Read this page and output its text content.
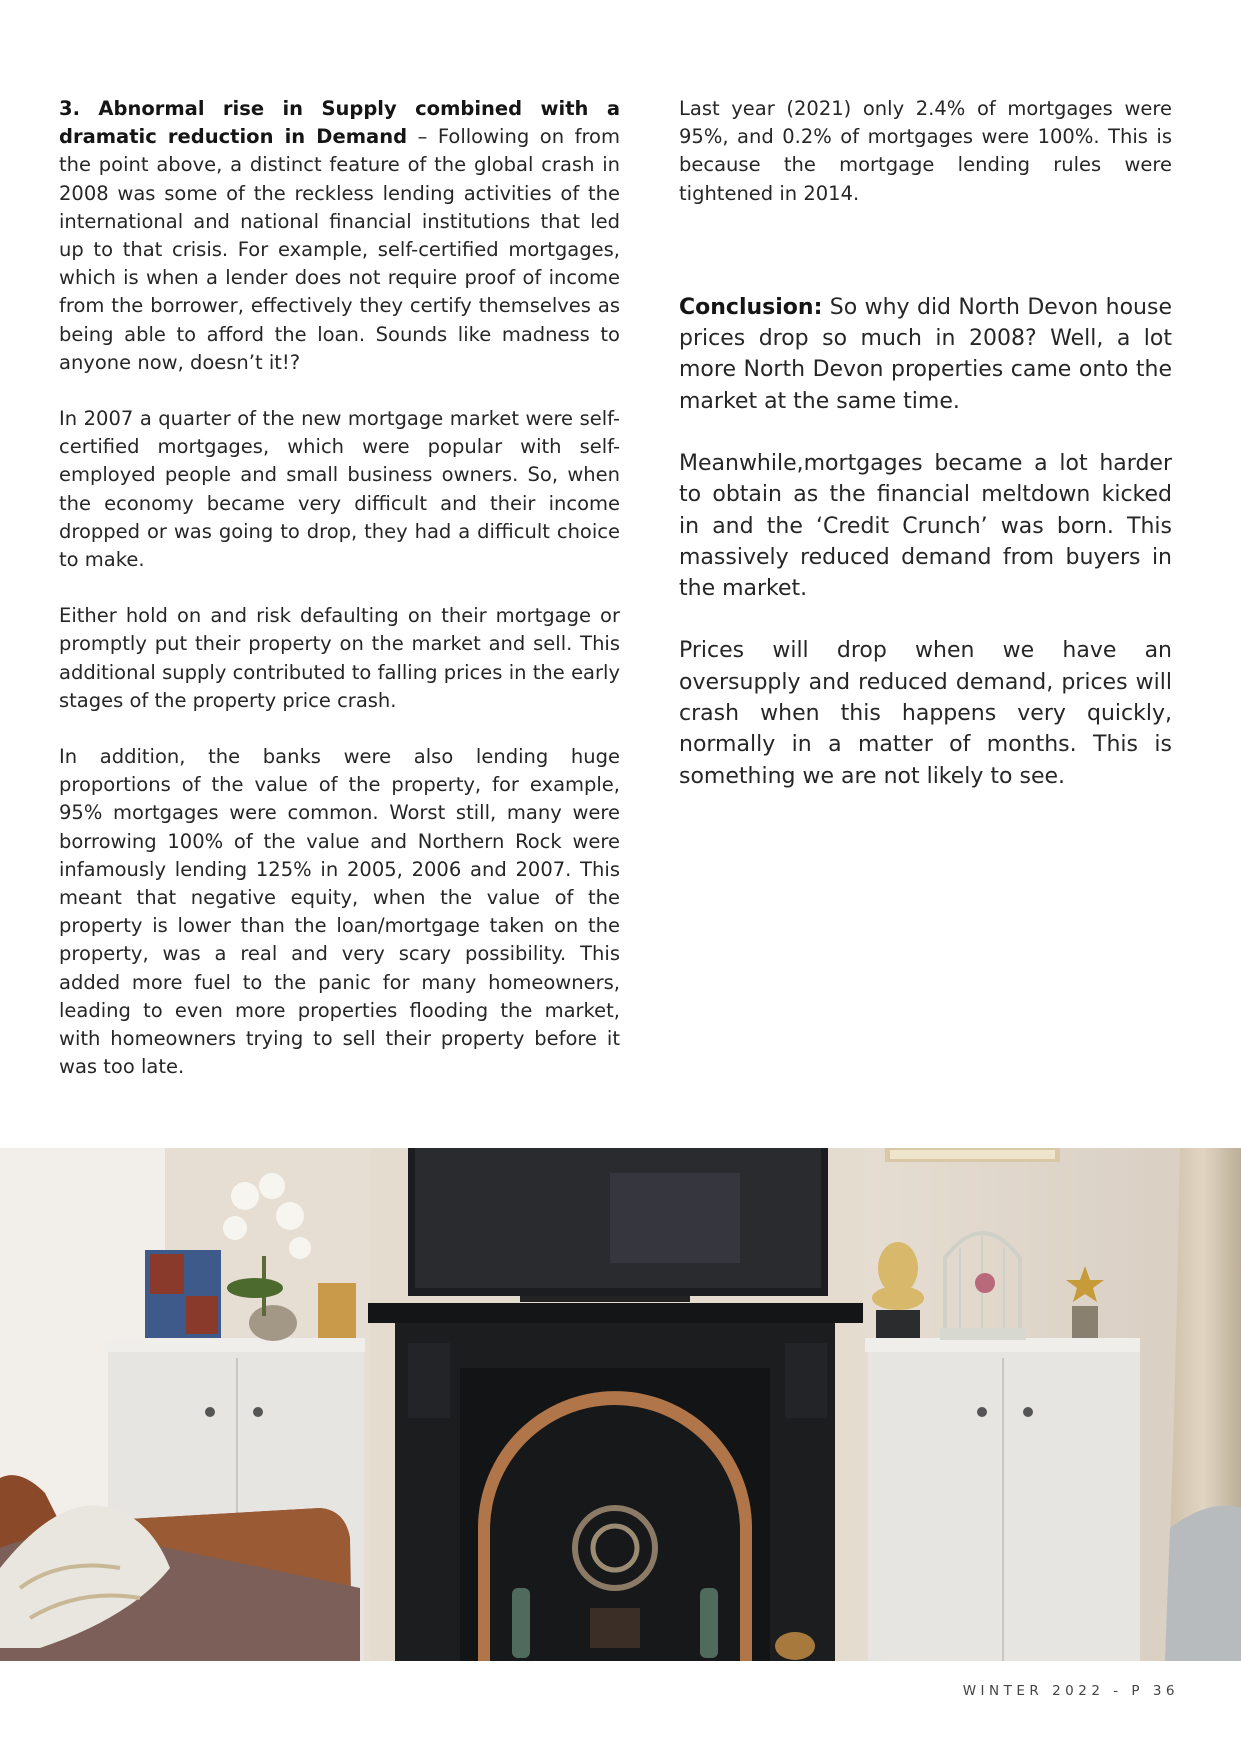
3. Abnormal rise in Supply combined with a dramatic reduction in Demand – Following on from the point above, a distinct feature of the global crash in 2008 was some of the reckless lending activities of the international and national financial institutions that led up to that crisis. For example, self-certified mortgages, which is when a lender does not require proof of income from the borrower, effectively they certify themselves as being able to afford the loan. Sounds like madness to anyone now, doesn’t it!?

In 2007 a quarter of the new mortgage market were self-certified mortgages, which were popular with self-employed people and small business owners. So, when the economy became very difficult and their income dropped or was going to drop, they had a difficult choice to make.

Either hold on and risk defaulting on their mortgage or promptly put their property on the market and sell. This additional supply contributed to falling prices in the early stages of the property price crash.

In addition, the banks were also lending huge proportions of the value of the property, for example, 95% mortgages were common. Worst still, many were borrowing 100% of the value and Northern Rock were infamously lending 125% in 2005, 2006 and 2007. This meant that negative equity, when the value of the property is lower than the loan/mortgage taken on the property, was a real and very scary possibility. This added more fuel to the panic for many homeowners, leading to even more properties flooding the market, with homeowners trying to sell their property before it was too late.

Last year (2021) only 2.4% of mortgages were 95%, and 0.2% of mortgages were 100%. This is because the mortgage lending rules were tightened in 2014.

Conclusion: So why did North Devon house prices drop so much in 2008? Well, a lot more North Devon properties came onto the market at the same time.

Meanwhile,mortgages became a lot harder to obtain as the financial meltdown kicked in and the ‘Credit Crunch’ was born. This massively reduced demand from buyers in the market.

Prices will drop when we have an oversupply and reduced demand, prices will crash when this happens very quickly, normally in a matter of months. This is something we are not likely to see.

WINTER 2022 - P 36
